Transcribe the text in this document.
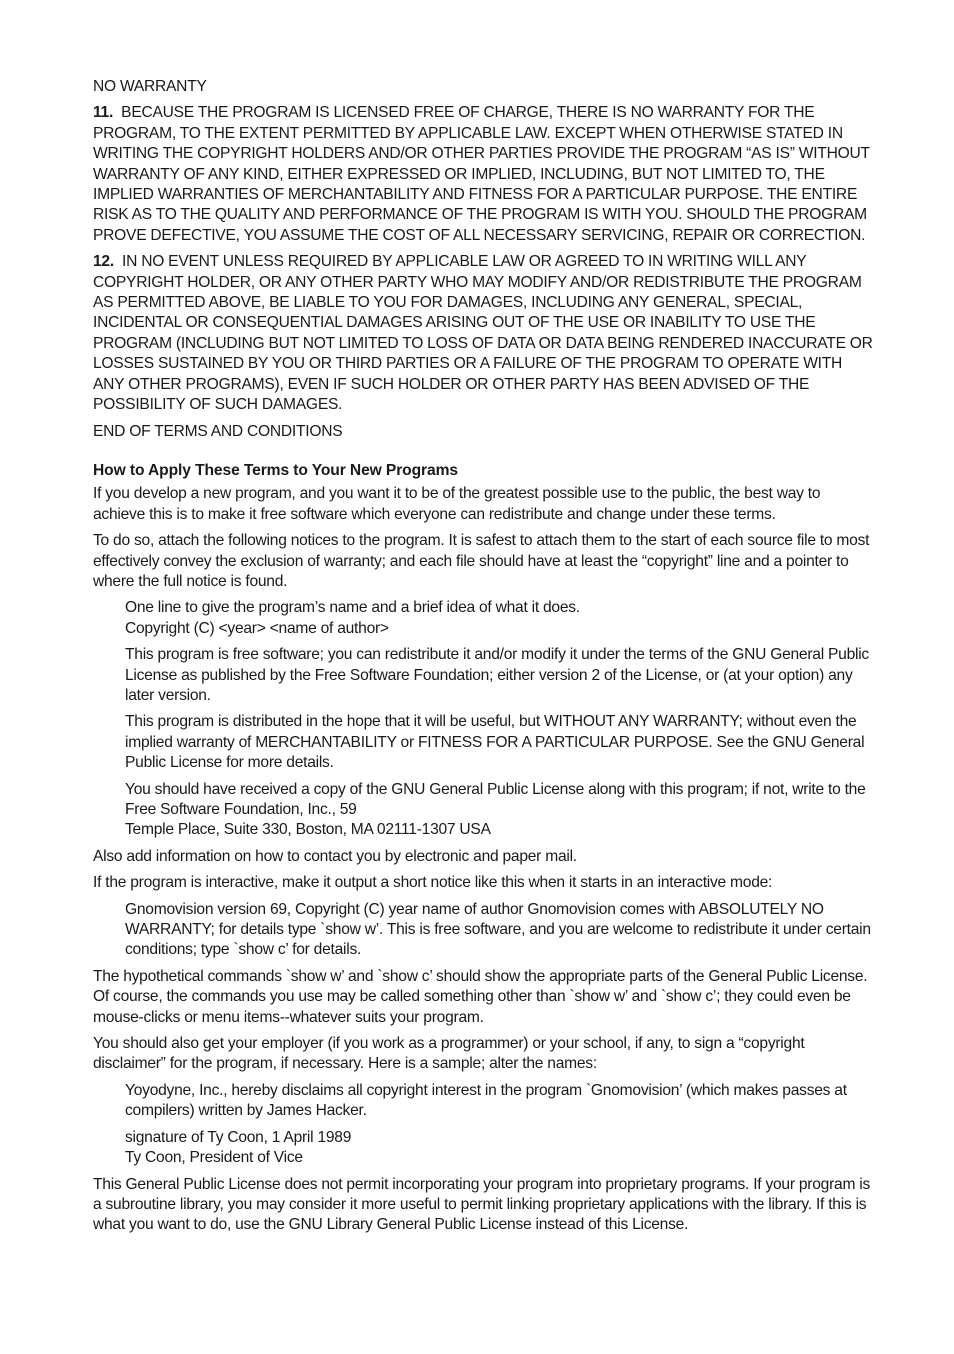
NO WARRANTY

11. BECAUSE THE PROGRAM IS LICENSED FREE OF CHARGE, THERE IS NO WARRANTY FOR THE PROGRAM, TO THE EXTENT PERMITTED BY APPLICABLE LAW. EXCEPT WHEN OTHERWISE STATED IN WRITING THE COPYRIGHT HOLDERS AND/OR OTHER PARTIES PROVIDE THE PROGRAM “AS IS” WITHOUT WARRANTY OF ANY KIND, EITHER EXPRESSED OR IMPLIED, INCLUDING, BUT NOT LIMITED TO, THE IMPLIED WARRANTIES OF MERCHANTABILITY AND FITNESS FOR A PARTICULAR PURPOSE. THE ENTIRE RISK AS TO THE QUALITY AND PERFORMANCE OF THE PROGRAM IS WITH YOU. SHOULD THE PROGRAM PROVE DEFECTIVE, YOU ASSUME THE COST OF ALL NECESSARY SERVICING, REPAIR OR CORRECTION.

12. IN NO EVENT UNLESS REQUIRED BY APPLICABLE LAW OR AGREED TO IN WRITING WILL ANY COPYRIGHT HOLDER, OR ANY OTHER PARTY WHO MAY MODIFY AND/OR REDISTRIBUTE THE PROGRAM AS PERMITTED ABOVE, BE LIABLE TO YOU FOR DAMAGES, INCLUDING ANY GENERAL, SPECIAL, INCIDENTAL OR CONSEQUENTIAL DAMAGES ARISING OUT OF THE USE OR INABILITY TO USE THE PROGRAM (INCLUDING BUT NOT LIMITED TO LOSS OF DATA OR DATA BEING RENDERED INACCURATE OR LOSSES SUSTAINED BY YOU OR THIRD PARTIES OR A FAILURE OF THE PROGRAM TO OPERATE WITH ANY OTHER PROGRAMS), EVEN IF SUCH HOLDER OR OTHER PARTY HAS BEEN ADVISED OF THE POSSIBILITY OF SUCH DAMAGES.

END OF TERMS AND CONDITIONS

How to Apply These Terms to Your New Programs

If you develop a new program, and you want it to be of the greatest possible use to the public, the best way to achieve this is to make it free software which everyone can redistribute and change under these terms.

To do so, attach the following notices to the program. It is safest to attach them to the start of each source file to most effectively convey the exclusion of warranty; and each file should have at least the “copyright” line and a pointer to where the full notice is found.

One line to give the program’s name and a brief idea of what it does.
Copyright (C) <year> <name of author>

This program is free software; you can redistribute it and/or modify it under the terms of the GNU General Public License as published by the Free Software Foundation; either version 2 of the License, or (at your option) any later version.

This program is distributed in the hope that it will be useful, but WITHOUT ANY WARRANTY; without even the implied warranty of MERCHANTABILITY or FITNESS FOR A PARTICULAR PURPOSE. See the GNU General Public License for more details.

You should have received a copy of the GNU General Public License along with this program; if not, write to the Free Software Foundation, Inc., 59
Temple Place, Suite 330, Boston, MA 02111-1307 USA

Also add information on how to contact you by electronic and paper mail.

If the program is interactive, make it output a short notice like this when it starts in an interactive mode:

Gnomovision version 69, Copyright (C) year name of author Gnomovision comes with ABSOLUTELY NO WARRANTY; for details type `show w’. This is free software, and you are welcome to redistribute it under certain conditions; type `show c’ for details.

The hypothetical commands `show w’ and `show c’ should show the appropriate parts of the General Public License. Of course, the commands you use may be called something other than `show w’ and `show c’; they could even be mouse-clicks or menu items--whatever suits your program.

You should also get your employer (if you work as a programmer) or your school, if any, to sign a “copyright disclaimer” for the program, if necessary. Here is a sample; alter the names:

Yoyodyne, Inc., hereby disclaims all copyright interest in the program `Gnomovision’ (which makes passes at compilers) written by James Hacker.

signature of Ty Coon, 1 April 1989
Ty Coon, President of Vice

This General Public License does not permit incorporating your program into proprietary programs. If your program is a subroutine library, you may consider it more useful to permit linking proprietary applications with the library. If this is what you want to do, use the GNU Library General Public License instead of this License.
